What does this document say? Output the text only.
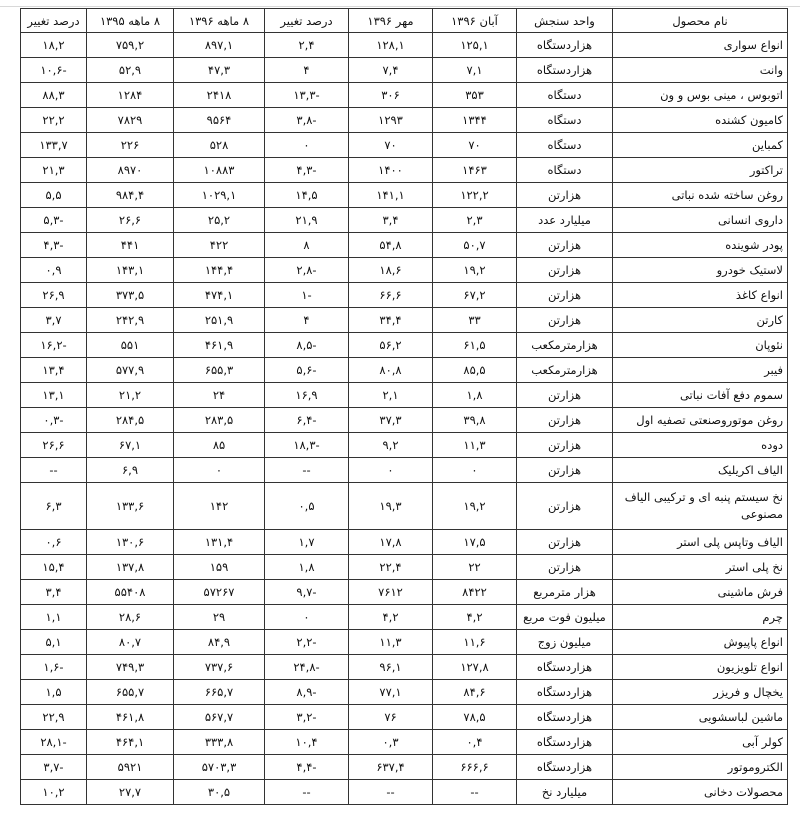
نام محصول	واحد سنجش	آبان ۱۳۹۶	مهر ۱۳۹۶	درصد تغییر	۸ ماهه ۱۳۹۶	۸ ماهه ۱۳۹۵	درصد تغییر
انواع سواری	هزاردستگاه	۱۲۵,۱	۱۲۸,۱	۲,۴	۸۹۷,۱	۷۵۹,۲	۱۸,۲
وانت	هزاردستگاه	۷,۱	۷,۴	۴	۴۷,۳	۵۲,۹	-۱۰,۶
اتوبوس ، مینی بوس و ون	دستگاه	۳۵۳	۳۰۶	-۱۳,۳	۲۴۱۸	۱۲۸۴	۸۸,۳
کامیون کشنده	دستگاه	۱۳۴۴	۱۲۹۳	-۳,۸	۹۵۶۴	۷۸۲۹	۲۲,۲
کمباین	دستگاه	۷۰	۷۰	۰	۵۲۸	۲۲۶	۱۳۳,۷
تراکتور	دستگاه	۱۴۶۳	۱۴۰۰	-۴,۳	۱۰۸۸۳	۸۹۷۰	۲۱,۳
روغن ساخته شده نباتی	هزارتن	۱۲۲,۲	۱۴۱,۱	۱۴,۵	۱۰۲۹,۱	۹۸۴,۴	۵,۵
داروی انسانی	میلیارد عدد	۲,۳	۳,۴	۲۱,۹	۲۵,۲	۲۶,۶	-۵,۳
پودر شوینده	هزارتن	۵۰,۷	۵۴,۸	۸	۴۲۲	۴۴۱	-۴,۳
لاستیک خودرو	هزارتن	۱۹,۲	۱۸,۶	-۲,۸	۱۴۴,۴	۱۴۳,۱	۰,۹
انواع کاغذ	هزارتن	۶۷,۲	۶۶,۶	-۱	۴۷۴,۱	۳۷۳,۵	۲۶,۹
کارتن	هزارتن	۳۳	۳۴,۴	۴	۲۵۱,۹	۲۴۲,۹	۳,۷
نئوپان	هزارمترمکعب	۶۱,۵	۵۶,۲	-۸,۵	۴۶۱,۹	۵۵۱	-۱۶,۲
فیبر	هزارمترمکعب	۸۵,۵	۸۰,۸	-۵,۶	۶۵۵,۳	۵۷۷,۹	۱۳,۴
سموم دفع آفات نباتی	هزارتن	۱,۸	۲,۱	۱۶,۹	۲۴	۲۱,۲	۱۳,۱
روغن موتوروصنعتی تصفیه اول	هزارتن	۳۹,۸	۳۷,۳	-۶,۴	۲۸۳,۵	۲۸۴,۵	-۰,۳
دوده	هزارتن	۱۱,۳	۹,۲	-۱۸,۳	۸۵	۶۷,۱	۲۶,۶
الیاف اکریلیک	هزارتن	۰	۰	--	۰	۶,۹	--
نخ سیستم پنبه ای و ترکیبی الیاف مصنوعی	هزارتن	۱۹,۲	۱۹,۳	۰,۵	۱۴۲	۱۳۳,۶	۶,۳
الیاف وتاپس پلی استر	هزارتن	۱۷,۵	۱۷,۸	۱,۷	۱۳۱,۴	۱۳۰,۶	۰,۶
نخ پلی استر	هزارتن	۲۲	۲۲,۴	۱,۸	۱۵۹	۱۳۷,۸	۱۵,۴
فرش ماشینی	هزار مترمربع	۸۴۲۲	۷۶۱۲	-۹,۷	۵۷۲۶۷	۵۵۴۰۸	۳,۴
چرم	میلیون فوت مربع	۴,۲	۴,۲	۰	۲۹	۲۸,۶	۱,۱
انواع پاپیوش	میلیون زوج	۱۱,۶	۱۱,۳	-۲,۲	۸۴,۹	۸۰,۷	۵,۱
انواع تلویزیون	هزاردستگاه	۱۲۷,۸	۹۶,۱	-۲۴,۸	۷۳۷,۶	۷۴۹,۳	-۱,۶
یخچال و فریزر	هزاردستگاه	۸۴,۶	۷۷,۱	-۸,۹	۶۶۵,۷	۶۵۵,۷	۱,۵
ماشین لباسشویی	هزاردستگاه	۷۸,۵	۷۶	-۳,۲	۵۶۷,۷	۴۶۱,۸	۲۲,۹
کولر آبی	هزاردستگاه	۰,۴	۰,۳	۱۰,۴	۳۳۳,۸	۴۶۴,۱	-۲۸,۱
الکتروموتور	هزاردستگاه	۶۶۶,۶	۶۳۷,۴	-۴,۴	۵۷۰۳,۳	۵۹۲۱	-۳,۷
محصولات دخانی	میلیارد نخ	--	--	--	۳۰,۵	۲۷,۷	۱۰,۲
